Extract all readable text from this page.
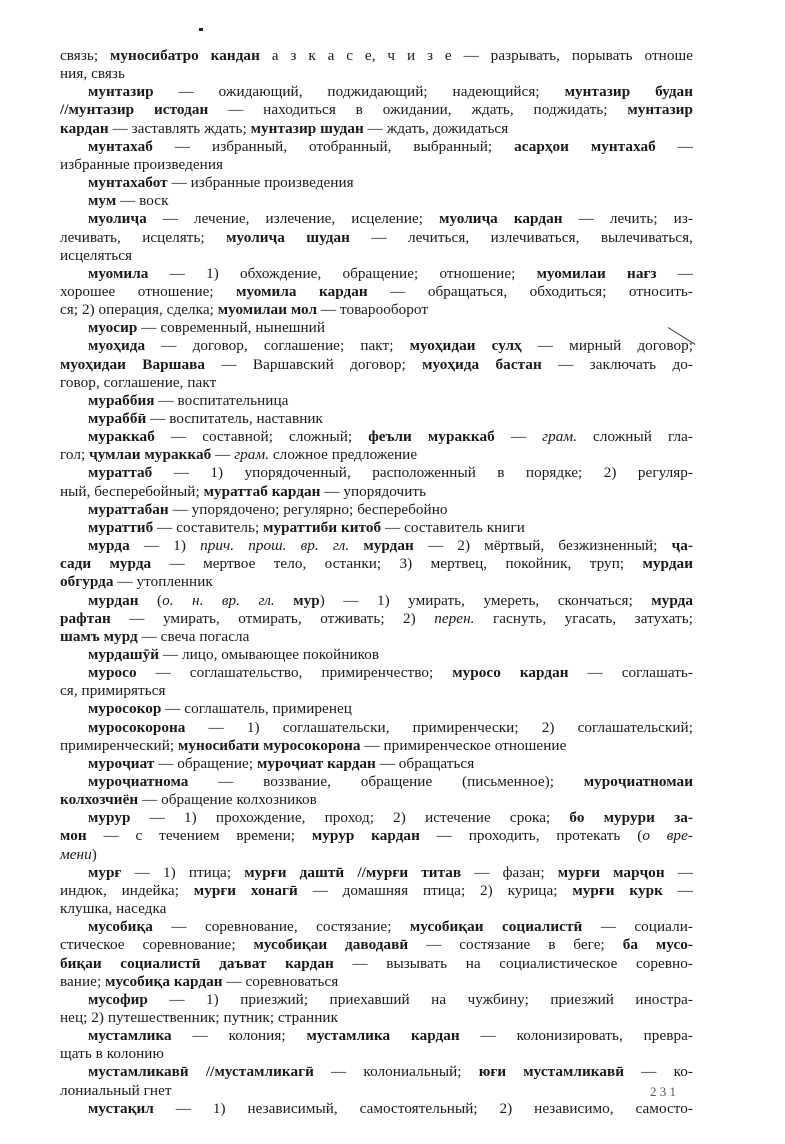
связь; муносибатро кандан а з к а с е, ч и з е — разрывать, порывать отноше
ния, связь
мунтазир — ожидающий, поджидающий; надеющийся; мунтазир будан
//мунтазир истодан — находиться в ожидании, ждать, поджидать; мунтазир
кардан — заставлять ждать; мунтазир шудан — ждать, дожидаться
мунтахаб — избранный, отобранный, выбранный; асарҳои мунтахаб —
избранные произведения
мунтахабот — избранные произведения
мум — воск
муолиҷа — лечение, излечение, исцеление; муолиҷа кардан — лечить; из-
лечивать, исцелять; муолиҷа шудан — лечиться, излечиваться, вылечиваться,
исцеляться
муомила — 1) обхождение, обращение; отношение; муомилаи нағз —
хорошее отношение; муомила кардан — обращаться, обходиться; относить-
ся; 2) операция, сделка; муомилаи мол — товарооборот
муосир — современный, нынешний
муоҳида — договор, соглашение; пакт; муоҳидаи сулҳ — мирный договор;
муоҳидаи Варшава — Варшавский договор; муоҳида бастан — заключать до-
говор, соглашение, пакт
мураббия — воспитательница
мураббӣ — воспитатель, наставник
мураккаб — составной; сложный; феъли мураккаб — грам. сложный гла-
гол; ҷумлаи мураккаб — грам. сложное предложение
мураттаб — 1) упорядоченный, расположенный в порядке; 2) регуляр-
ный, бесперебойный; мураттаб кардан — упорядочить
мураттабан — упорядочено; регулярно; бесперебойно
мураттиб — составитель; мураттиби китоб — составитель книги
мурда — 1) прич. прош. вр. гл. мурдан — 2) мёртвый, безжизненный; ҷа-
сади мурда — мертвое тело, останки; 3) мертвец, покойник, труп; мурдаи
обгурда — утопленник
мурдан (о. н. вр. гл. мур) — 1) умирать, умереть, скончаться; мурда
рафтан — умирать, отмирать, отживать; 2) перен. гаснуть, угасать, затухать;
шамъ мурд — свеча погасла
мурдашӯй — лицо, омывающее покойников
муросо — соглашательство, примиренчество; муросо кардан — соглашать-
ся, примиряться
муросокор — соглашатель, примиренец
муросокорона — 1) соглашательски, примиренчески; 2) соглашательский;
примиренческий; муносибати муросокорона — примиренческое отношение
муроҷиат — обращение; муроҷиат кардан — обращаться
муроҷиатнома — воззвание, обращение (письменное); муроҷиатномаи
колхозчиён — обращение колхозников
мурур — 1) прохождение, проход; 2) истечение срока; бо мурури за-
мон — с течением времени; мурур кардан — проходить, протекать (о вре-
мени)
мурғ — 1) птица; мурғи даштӣ //мурғи титав — фазан; мурғи марҷон —
индюк, индейка; мурғи хонагӣ — домашняя птица; 2) курица; мурғи курк —
клушка, наседка
мусобиқа — соревнование, состязание; мусобиқаи социалистӣ — социали-
стическое соревнование; мусобиқаи даводавӣ — состязание в беге; ба мусо-
биқаи социалистӣ даъват кардан — вызывать на социалистическое соревно-
вание; мусобиқа кардан — соревноваться
мусофир — 1) приезжий; приехавший на чужбину; приезжий иностра-
нец; 2) путешественник; путник; странник
мустамлика — колония; мустамлика кардан — колонизировать, превра-
щать в колонию
мустамликавӣ //мустамликагӣ — колониальный; юғи мустамликавӣ — ко-
лониальный гнет
мустақил — 1) независимый, самостоятельный; 2) независимо, самосто-
2 3 1
